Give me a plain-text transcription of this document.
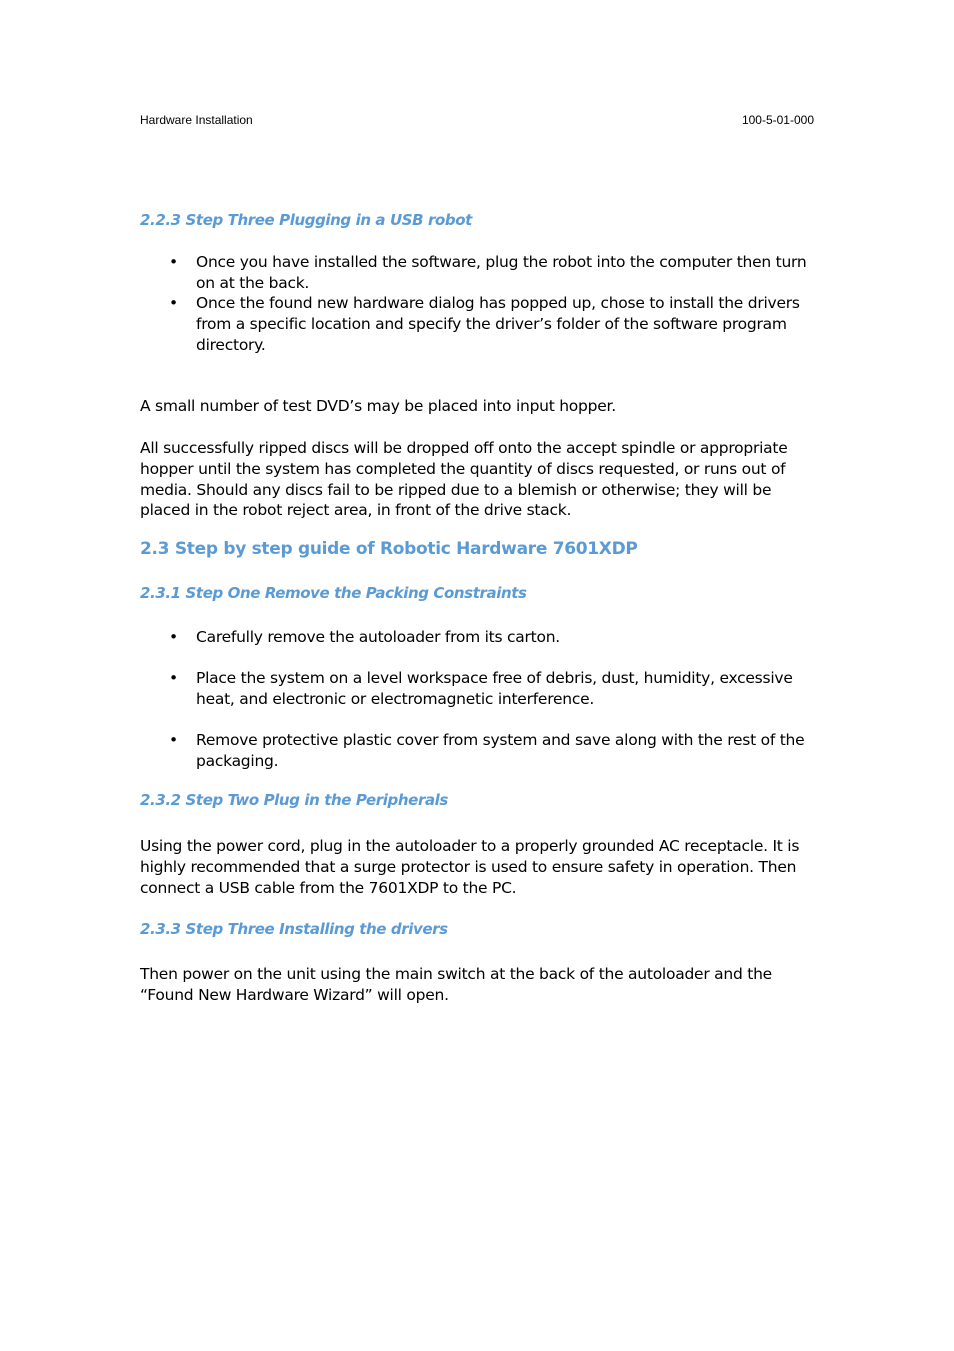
Hardware Installation	100-5-01-000
2.2.3 Step Three Plugging in a USB robot
• Once you have installed the software, plug the robot into the computer then turn on at the back.
• Once the found new hardware dialog has popped up, chose to install the drivers from a specific location and specify the driver’s folder of the software program directory.

A small number of test DVD’s may be placed into input hopper.

All successfully ripped discs will be dropped off onto the accept spindle or appropriate hopper until the system has completed the quantity of discs requested, or runs out of media. Should any discs fail to be ripped due to a blemish or otherwise; they will be placed in the robot reject area, in front of the drive stack.

2.3 Step by step guide of Robotic Hardware 7601XDP
2.3.1 Step One Remove the Packing Constraints
• Carefully remove the autoloader from its carton.
• Place the system on a level workspace free of debris, dust, humidity, excessive heat, and electronic or electromagnetic interference.
• Remove protective plastic cover from system and save along with the rest of the packaging.
2.3.2 Step Two Plug in the Peripherals

Using the power cord, plug in the autoloader to a properly grounded AC receptacle. It is highly recommended that a surge protector is used to ensure safety in operation. Then connect a USB cable from the 7601XDP to the PC.

2.3.3 Step Three Installing the drivers

Then power on the unit using the main switch at the back of the autoloader and the “Found New Hardware Wizard” will open.
